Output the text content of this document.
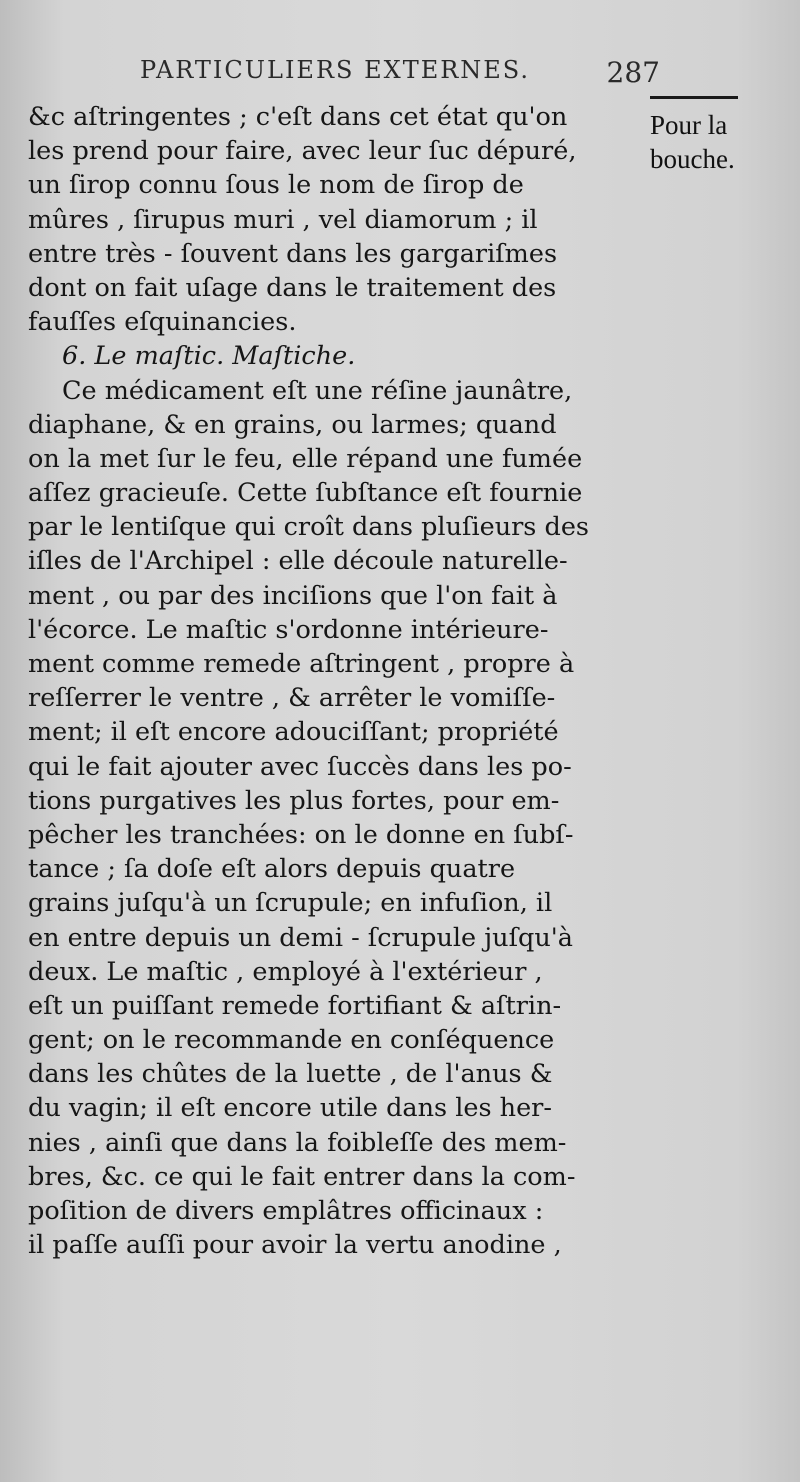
PARTICULIERS EXTERNES.	287
Pour la
bouche.
&c aſtringentes ; c'eſt dans cet état qu'on
les prend pour faire, avec leur ſuc dépuré,
un ſirop connu ſous le nom de ſirop de
mûres , ſirupus muri , vel diamorum ; il
entre très - ſouvent dans les gargariſmes
dont on fait uſage dans le traitement des
fauſſes eſquinancies.
6. Le maſtic. Maſtiche.
Ce médicament eſt une réſine jaunâtre,
diaphane, & en grains, ou larmes; quand
on la met ſur le feu, elle répand une fumée
aſſez gracieuſe. Cette ſubſtance eſt fournie
par le lentiſque qui croît dans pluſieurs des
iſles de l'Archipel : elle découle naturelle-
ment , ou par des inciſions que l'on fait à
l'écorce. Le maſtic s'ordonne intérieure-
ment comme remede aſtringent , propre à
reſſerrer le ventre , & arrêter le vomiſſe-
ment; il eſt encore adouciſſant; propriété
qui le fait ajouter avec ſuccès dans les po-
tions purgatives les plus fortes, pour em-
pêcher les tranchées: on le donne en ſubſ-
tance ; ſa doſe eſt alors depuis quatre
grains juſqu'à un ſcrupule; en infuſion, il
en entre depuis un demi - ſcrupule juſqu'à
deux. Le maſtic , employé à l'extérieur ,
eſt un puiſſant remede fortifiant & aſtrin-
gent; on le recommande en conſéquence
dans les chûtes de la luette , de l'anus &
du vagin; il eſt encore utile dans les her-
nies , ainſi que dans la foibleſſe des mem-
bres, &c. ce qui le fait entrer dans la com-
poſition de divers emplâtres officinaux :
il paſſe auſſi pour avoir la vertu anodine ,
